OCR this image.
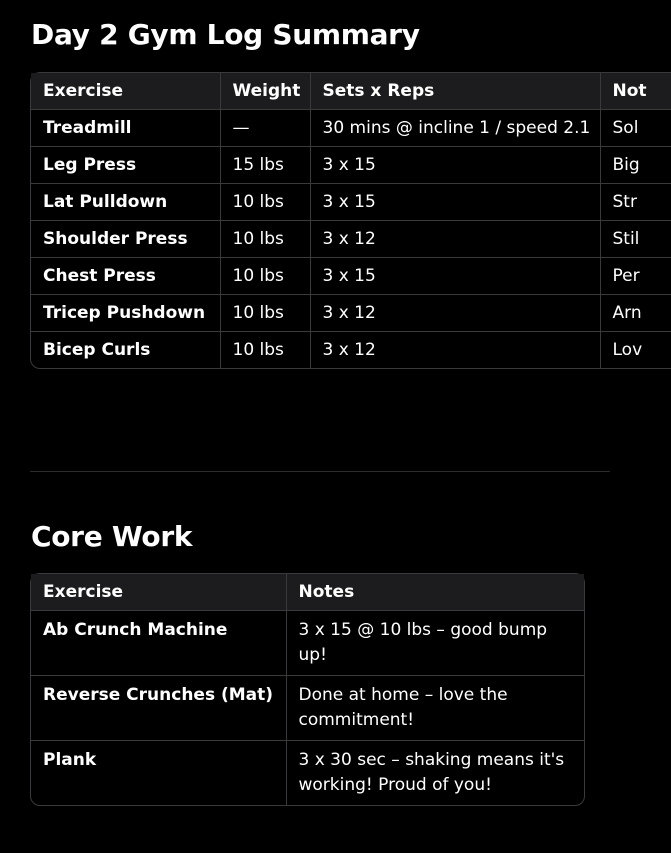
Day 2 Gym Log Summary
Exercise	Weight	Sets x Reps	Not
Treadmill	—	30 mins @ incline 1 / speed 2.1	Sol
Leg Press	15 lbs	3 x 15	Big
Lat Pulldown	10 lbs	3 x 15	Str
Shoulder Press	10 lbs	3 x 12	Stil
Chest Press	10 lbs	3 x 15	Per
Tricep Pushdown	10 lbs	3 x 12	Arn
Bicep Curls	10 lbs	3 x 12	Lov
Core Work
Exercise	Notes
Ab Crunch Machine	3 x 15 @ 10 lbs – good bump up!
Reverse Crunches (Mat)	Done at home – love the commitment!
Plank	3 x 30 sec – shaking means it's working! Proud of you!
